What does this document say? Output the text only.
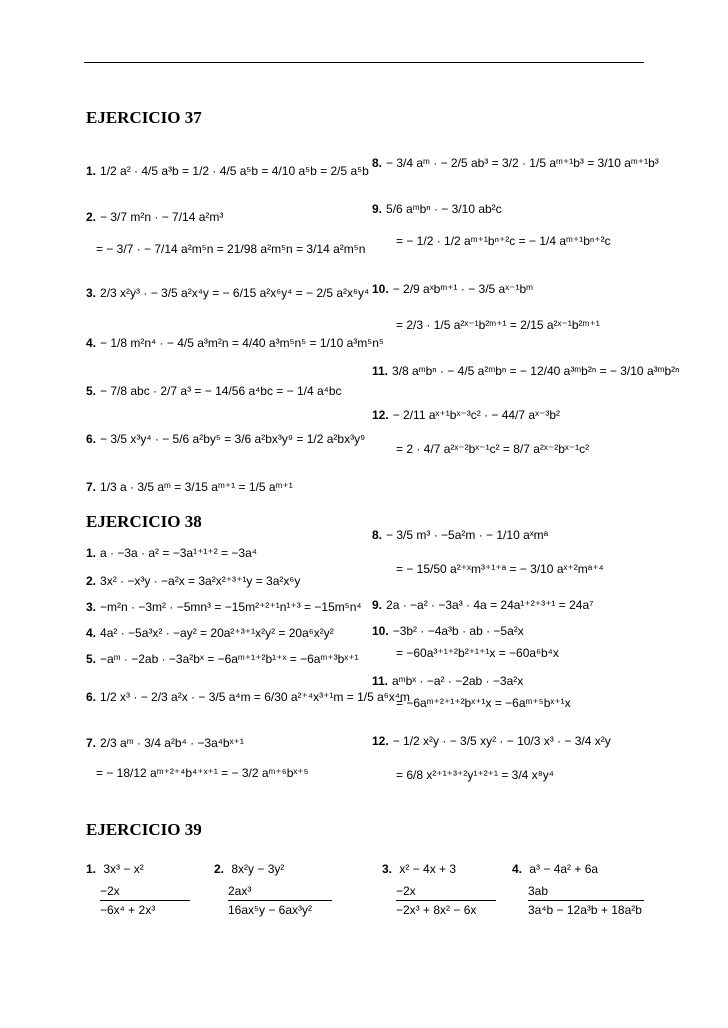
EJERCICIO 37
1. 1/2 a² · 4/5 a³b = 1/2 · 4/5 a⁵b = 4/10 a⁵b = 2/5 a⁵b
2. − 3/7 m²n · − 7/14 a²m³
= − 3/7 · − 7/14 a²m⁵n = 21/98 a²m⁵n = 3/14 a²m⁵n
3. 2/3 x²y³ · − 3/5 a²x⁴y = − 6/15 a²x⁶y⁴ = − 2/5 a²x⁶y⁴
4. − 1/8 m²n⁴ · − 4/5 a³m²n = 4/40 a³m⁵n⁵ = 1/10 a³m⁵n⁵
5. − 7/8 abc · 2/7 a³ = − 14/56 a⁴bc = − 1/4 a⁴bc
6. − 3/5 x³y⁴ · − 5/6 a²by⁵ = 3/6 a²bx³y⁹ = 1/2 a²bx³y⁹
7. 1/3 a · 3/5 aᵐ = 3/15 aᵐ⁺¹ = 1/5 aᵐ⁺¹
8. − 3/4 aᵐ · − 2/5 ab³ = 3/2 · 1/5 aᵐ⁺¹b³ = 3/10 aᵐ⁺¹b³
9. 5/6 aᵐbⁿ · − 3/10 ab²c
= − 1/2 · 1/2 aᵐ⁺¹bⁿ⁺²c = − 1/4 aᵐ⁺¹bⁿ⁺²c
10. − 2/9 aˣbᵐ⁺¹ · − 3/5 aˣ⁻¹bᵐ
= 2/3 · 1/5 a²ˣ⁻¹b²ᵐ⁺¹ = 2/15 a²ˣ⁻¹b²ᵐ⁺¹
11. 3/8 aᵐbⁿ · − 4/5 a²ᵐbⁿ = − 12/40 a³ᵐb²ⁿ = − 3/10 a³ᵐb²ⁿ
12. − 2/11 aˣ⁺¹bˣ⁻³c² · − 44/7 aˣ⁻³b²
= 2 · 4/7 a²ˣ⁻²bˣ⁻¹c² = 8/7 a²ˣ⁻²bˣ⁻¹c²
EJERCICIO 38
1. a · −3a · a² = −3a¹⁺¹⁺² = −3a⁴
2. 3x² · −x³y · −a²x = 3a²x²⁺³⁺¹y = 3a²x⁶y
3. −m²n · −3m² · −5mn³ = −15m²⁺²⁺¹n¹⁺³ = −15m⁵n⁴
4. 4a² · −5a³x² · −ay² = 20a²⁺³⁺¹x²y² = 20a⁶x²y²
5. −aᵐ · −2ab · −3a²bˣ = −6aᵐ⁺¹⁺²b¹⁺ˣ = −6aᵐ⁺³bˣ⁺¹
6. 1/2 x³ · − 2/3 a²x · − 3/5 a⁴m = 6/30 a²⁺⁴x³⁺¹m = 1/5 a⁶x⁴m
7. 2/3 aᵐ · 3/4 a²b⁴ · −3a⁴bˣ⁺¹
= − 18/12 aᵐ⁺²⁺⁴b⁴⁺ˣ⁺¹ = − 3/2 aᵐ⁺⁶bˣ⁺⁵
8. − 3/5 m³ · −5a²m · − 1/10 aˣmᵃ
= − 15/50 a²⁺ˣm³⁺¹⁺ᵃ = − 3/10 aˣ⁺²mᵃ⁺⁴
9. 2a · −a² · −3a³ · 4a = 24a¹⁺²⁺³⁺¹ = 24a⁷
10. −3b² · −4a³b · ab · −5a²x
= −60a³⁺¹⁺²b²⁺¹⁺¹x = −60a⁶b⁴x
11. aᵐbˣ · −a² · −2ab · −3a²x
= −6aᵐ⁺²⁺¹⁺²bˣ⁺¹x = −6aᵐ⁺⁵bˣ⁺¹x
12. − 1/2 x²y · − 3/5 xy² · − 10/3 x³ · − 3/4 x²y
= 6/8 x²⁺¹⁺³⁺²y¹⁺²⁺¹ = 3/4 x⁸y⁴
EJERCICIO 39
1. 3x³ − x²
−2x
−6x⁴ + 2x³
2. 8x²y − 3y²
2ax³
16ax⁵y − 6ax³y²
3. x² − 4x + 3
−2x
−2x³ + 8x² − 6x
4. a³ − 4a² + 6a
3ab
3a⁴b − 12a³b + 18a²b
